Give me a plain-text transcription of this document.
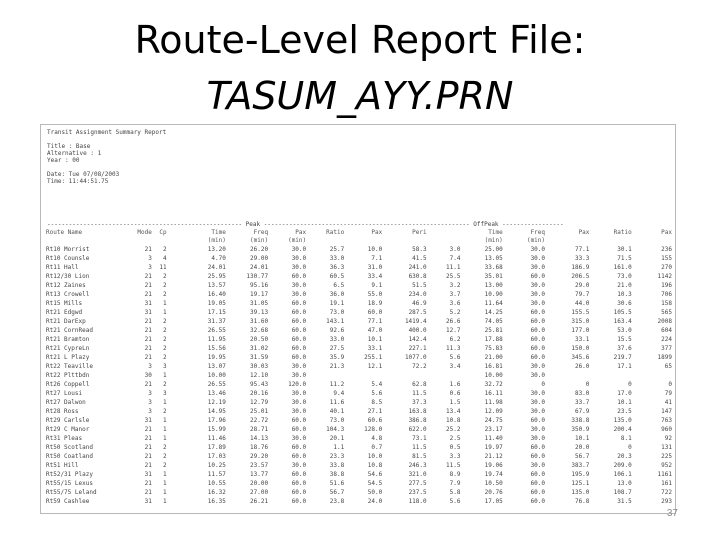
Route-Level Report File:
TASUM_AYY.PRN
Transit Assignment Summary Report
Title : Base
Alternative : 1
Year : 00
Date: Tue 07/08/2003
Time: 11:44:51.75
------------------------------------------------------ Peak --------------------------------------------------------- OffPeak -----------------
Route Name	Mode	Cp		Time	Freq	Pax	Ratio	Pax	Peri		Time	Freq	Pax	Ratio	Pax
				(min)	(min)	(min)					(min)	(min)			
Rt10 Morrist	21	2		13.20	26.20	30.0	25.7	10.0	58.3	3.0	25.00	30.0	77.1	30.1	236
Rt10 Counsle	3	4		4.70	29.00	30.0	33.0	7.1	41.5	7.4	13.05	30.0	33.3	71.5	155
Rt11 Hall	3	11		24.01	24.01	30.0	36.3	31.0	241.0	11.1	33.68	30.0	186.9	161.0	270
Rt12/30 Lion	21	2		25.95	130.77	60.0	60.5	33.4	630.8	25.5	35.01	60.0	206.5	73.0	1142
Rt12 Zaines	21	2		13.57	95.16	30.0	6.5	9.1	51.5	3.2	13.00	30.0	29.0	21.0	196
Rt13 Crowell	21	2		16.40	19.17	30.0	36.0	55.0	234.0	3.7	10.90	30.0	79.7	10.3	706
Rt15 Mills	31	1		19.05	31.05	60.0	19.1	18.9	46.9	3.6	11.64	30.0	44.0	30.6	158
Rt21 Edgwd	31	1		17.15	39.13	60.0	73.0	60.0	287.5	5.2	14.25	60.0	155.5	105.5	565
Rt21 DarExp	21	2		31.37	31.60	60.0	143.1	77.1	1419.4	26.6	74.05	60.0	315.0	163.4	2008
Rt21 CornRead	21	2		26.55	32.68	60.0	92.6	47.0	400.0	12.7	25.81	60.0	177.0	53.0	604
Rt21 Bramton	21	2		11.95	20.50	60.0	33.0	10.1	142.4	6.2	17.88	60.0	33.1	15.5	224
Rt21 CypreLn	21	2		15.56	31.02	60.0	27.5	33.1	227.1	11.3	75.83	60.0	150.0	37.6	377
Rt21 L Plazy	21	2		19.95	31.59	60.0	35.9	255.1	1077.0	5.6	21.00	60.0	345.6	219.7	1899
Rt22 Teaville	3	3		13.07	30.03	30.0	21.3	12.1	72.2	3.4	16.81	30.0	26.0	17.1	65
Rt22 Plttbdn	30	1		10.00	12.10	30.0					10.00	30.0			
Rt26 Coppell	21	2		26.55	95.43	120.0	11.2	5.4	62.8	1.6	32.72	0	0	0	0
Rt27 Lousi	3	3		13.46	20.16	30.0	9.4	5.6	11.5	0.6	16.11	30.0	83.0	17.0	79
Rt27 Dalwon	3	1		12.19	12.79	30.0	11.6	8.5	37.3	1.5	11.98	30.0	33.7	10.1	41
Rt28 Ross	3	2		14.95	25.01	30.0	40.1	27.1	163.8	13.4	12.09	30.0	67.9	23.5	147
Rt29 Carlsle	31	1		17.96	22.72	60.0	73.0	60.6	386.8	10.8	24.75	60.0	338.8	135.0	763
Rt29 C Manor	21	1		15.99	28.71	60.0	104.3	128.0	622.0	25.2	23.17	30.0	350.9	200.4	960
Rt31 Pleas	21	1		11.46	14.13	30.0	20.1	4.8	73.1	2.5	11.40	30.0	10.1	8.1	92
Rt50 Scotland	21	2		17.89	18.76	60.0	1.1	0.7	11.5	0.5	19.97	60.0	20.0	0	131
Rt50 Coatland	21	2		17.03	29.20	60.0	23.3	10.0	81.5	3.3	21.12	60.0	56.7	20.3	225
Rt51 Hill	21	2		10.25	23.57	30.0	33.8	10.8	246.3	11.5	19.06	30.0	383.7	209.0	952
Rt52/31 Plazy	31	1		11.57	13.77	60.0	38.8	54.6	321.0	8.9	19.74	60.0	195.9	106.1	1161
Rt55/15 Lexus	21	1		10.55	20.00	60.0	51.6	54.5	277.5	7.9	10.50	60.0	125.1	13.0	161
Rt55/75 Leland	21	1		16.32	27.00	60.0	56.7	50.0	237.5	5.8	20.76	60.0	135.0	108.7	722
Rt59 Cashlee	31	1		16.35	26.21	60.0	23.8	24.0	118.0	5.6	17.05	60.0	76.8	31.5	293
37
